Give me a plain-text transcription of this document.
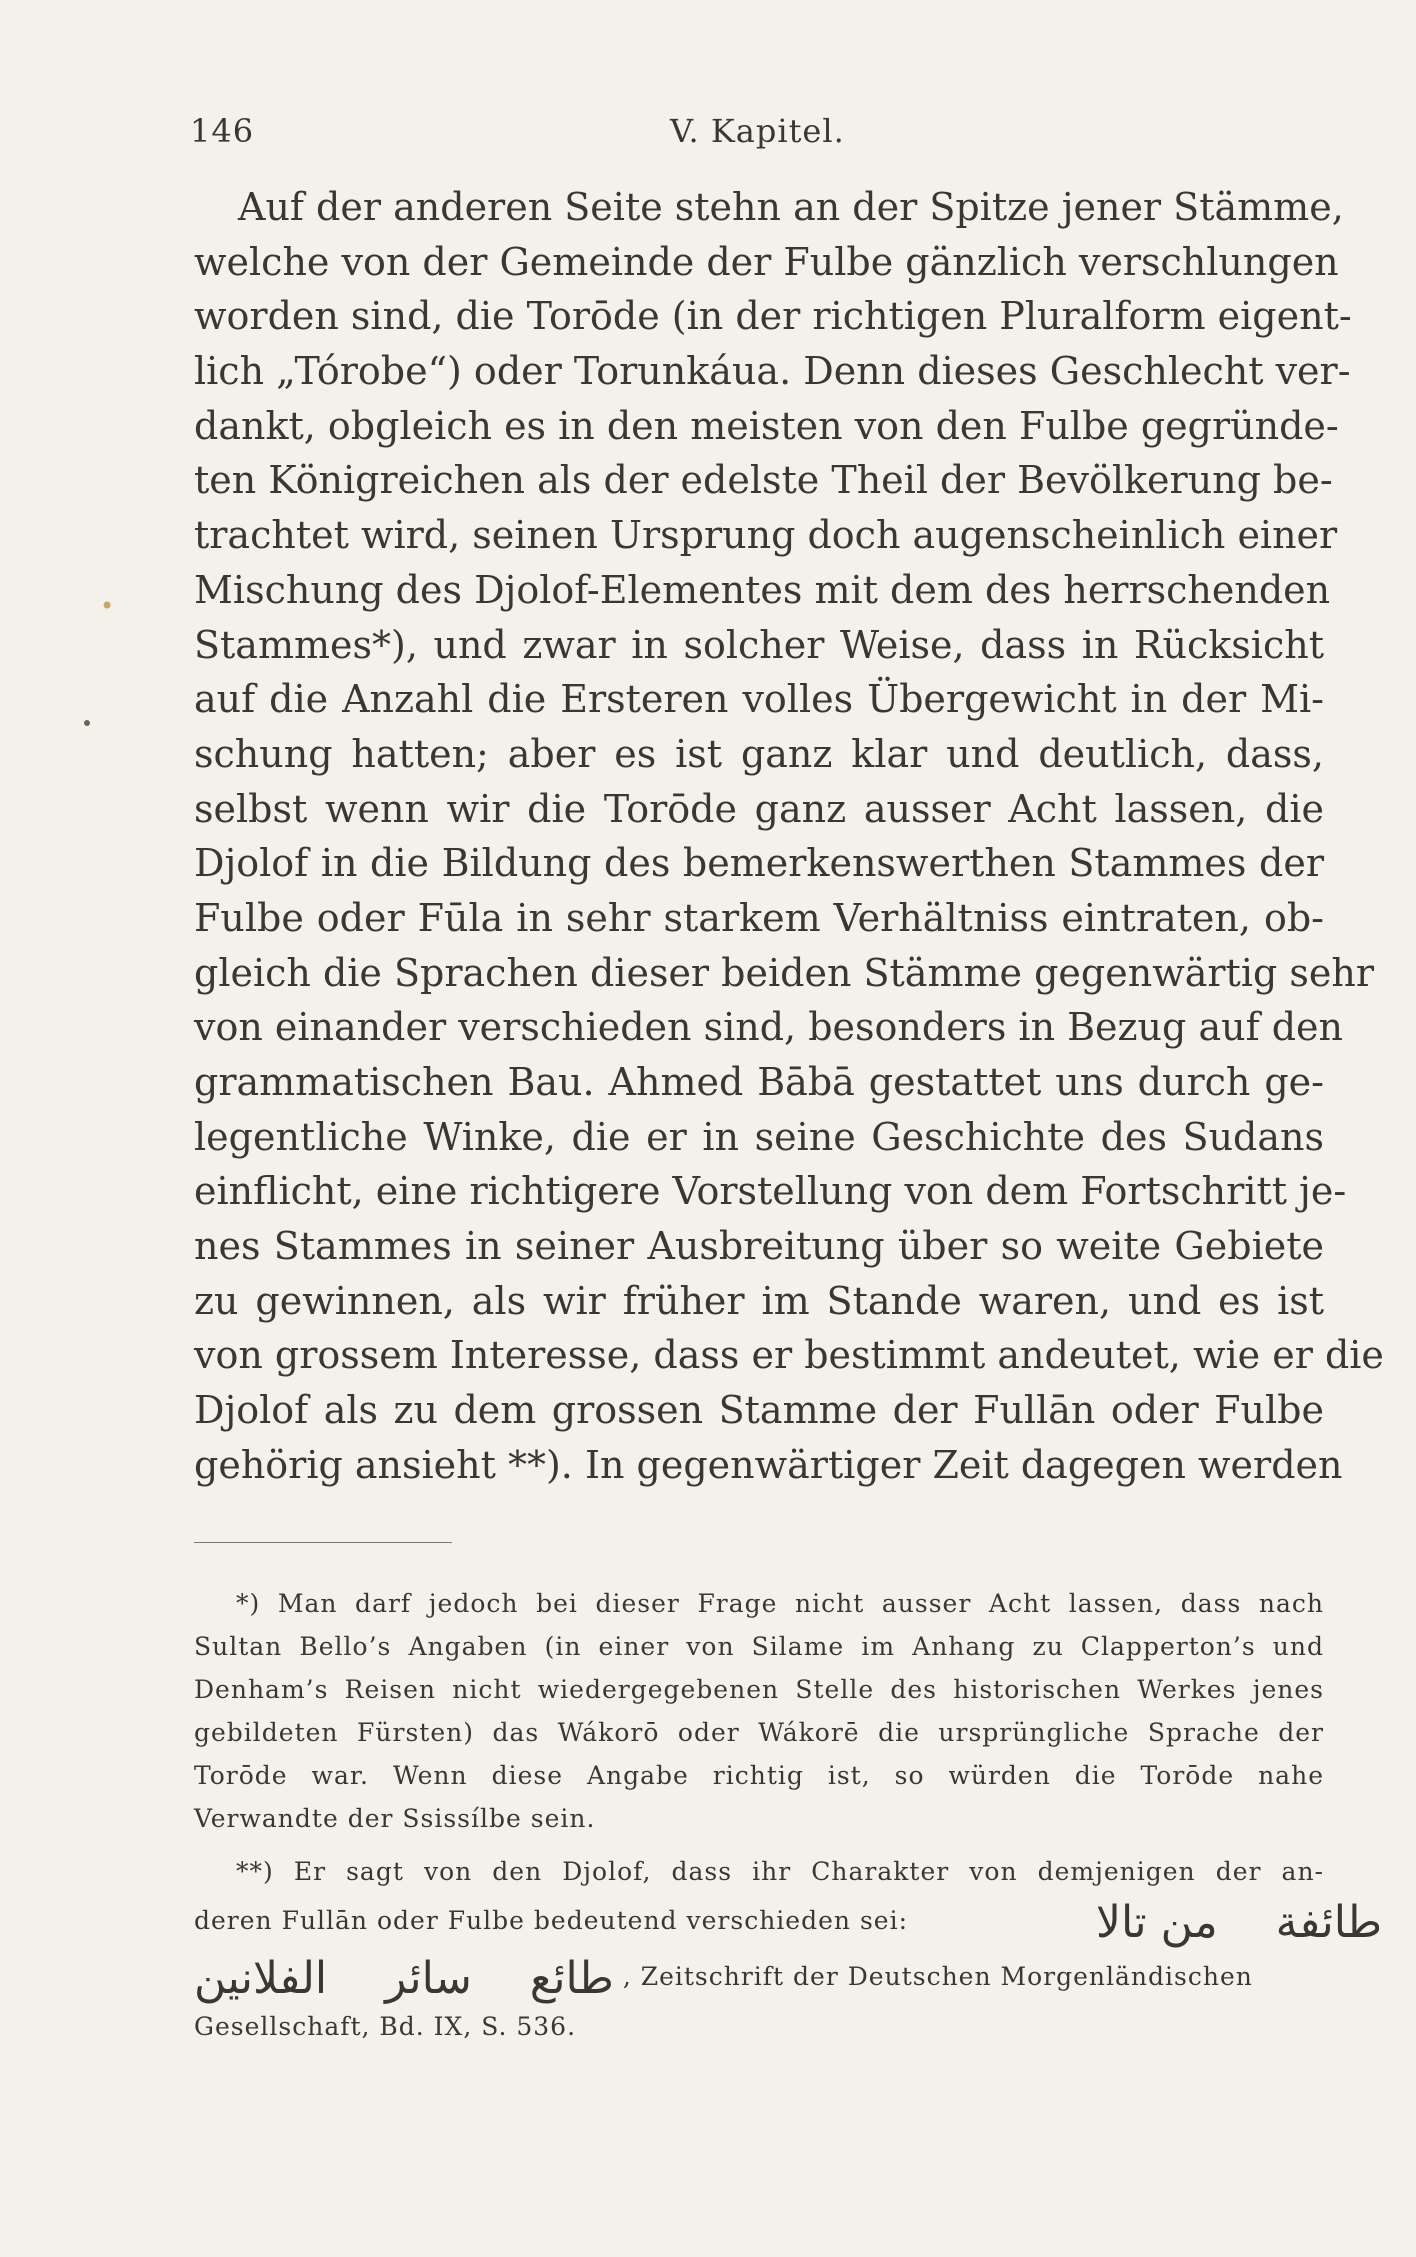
146	V. Kapitel.
Auf der anderen Seite stehn an der Spitze jener Stämme,
welche von der Gemeinde der Fulbe gänzlich verschlungen
worden sind, die Torōde (in der richtigen Pluralform eigent-
lich „Tórobe“) oder Torunkáua. Denn dieses Geschlecht ver-
dankt, obgleich es in den meisten von den Fulbe gegründe-
ten Königreichen als der edelste Theil der Bevölkerung be-
trachtet wird, seinen Ursprung doch augenscheinlich einer
Mischung des Djolof-Elementes mit dem des herrschenden
Stammes*), und zwar in solcher Weise, dass in Rücksicht
auf die Anzahl die Ersteren volles Übergewicht in der Mi-
schung hatten; aber es ist ganz klar und deutlich, dass,
selbst wenn wir die Torōde ganz ausser Acht lassen, die
Djolof in die Bildung des bemerkenswerthen Stammes der
Fulbe oder Fūla in sehr starkem Verhältniss eintraten, ob-
gleich die Sprachen dieser beiden Stämme gegenwärtig sehr
von einander verschieden sind, besonders in Bezug auf den
grammatischen Bau. Ahmed Bābā gestattet uns durch ge-
legentliche Winke, die er in seine Geschichte des Sudans
einflicht, eine richtigere Vorstellung von dem Fortschritt je-
nes Stammes in seiner Ausbreitung über so weite Gebiete
zu gewinnen, als wir früher im Stande waren, und es ist
von grossem Interesse, dass er bestimmt andeutet, wie er die
Djolof als zu dem grossen Stamme der Fullān oder Fulbe
gehörig ansieht **). In gegenwärtiger Zeit dagegen werden
•
*) Man darf jedoch bei dieser Frage nicht ausser Acht lassen, dass nach
Sultan Bello’s Angaben (in einer von Silame im Anhang zu Clapperton’s und
Denham’s Reisen nicht wiedergegebenen Stelle des historischen Werkes jenes
gebildeten Fürsten) das Wákorō oder Wákorē die ursprüngliche Sprache der
Torōde war. Wenn diese Angabe richtig ist, so würden die Torōde nahe
Verwandte der Ssissílbe sein.
**) Er sagt von den Djolof, dass ihr Charakter von demjenigen der an-
deren Fullān oder Fulbe bedeutend verschieden sei:	ﻣﻦ ﺗﺎﻻ ﻃﺎﺋﻔﺔ
ﺍﻟﻔﻼﻧﻴﻦ ﺳﺎﺋﺮ ﻃﺎﺋﻊ , Zeitschrift der Deutschen Morgenländischen
Gesellschaft, Bd. IX, S. 536.
